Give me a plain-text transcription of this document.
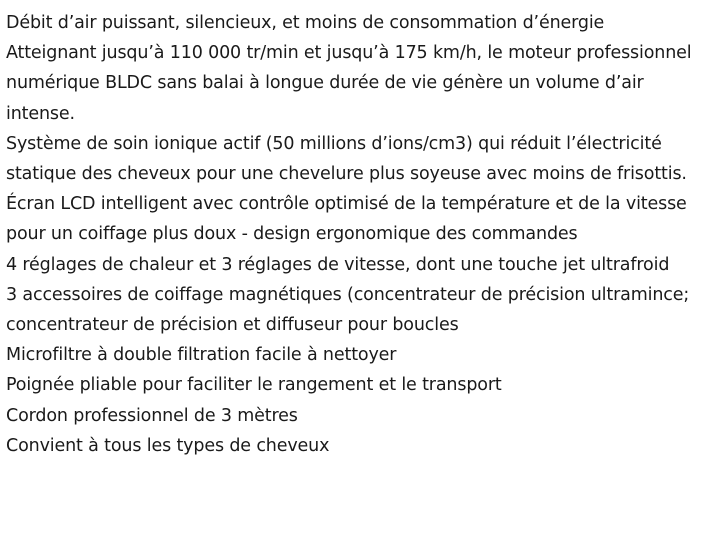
Débit d’air puissant, silencieux, et moins de consommation d’énergie

Atteignant jusqu’à 110 000 tr/min et jusqu’à 175 km/h, le moteur professionnel numérique BLDC sans balai à longue durée de vie génère un volume d’air intense.

Système de soin ionique actif (50 millions d’ions/cm3) qui réduit l’électricité statique des cheveux pour une chevelure plus soyeuse avec moins de frisottis.

Écran LCD intelligent avec contrôle optimisé de la température et de la vitesse pour un coiffage plus doux - design ergonomique des commandes

4 réglages de chaleur et 3 réglages de vitesse, dont une touche jet ultrafroid

3 accessoires de coiffage magnétiques (concentrateur de précision ultramince; concentrateur de précision et diffuseur pour boucles

Microfiltre à double filtration facile à nettoyer

Poignée pliable pour faciliter le rangement et le transport

Cordon professionnel de 3 mètres

Convient à tous les types de cheveux
